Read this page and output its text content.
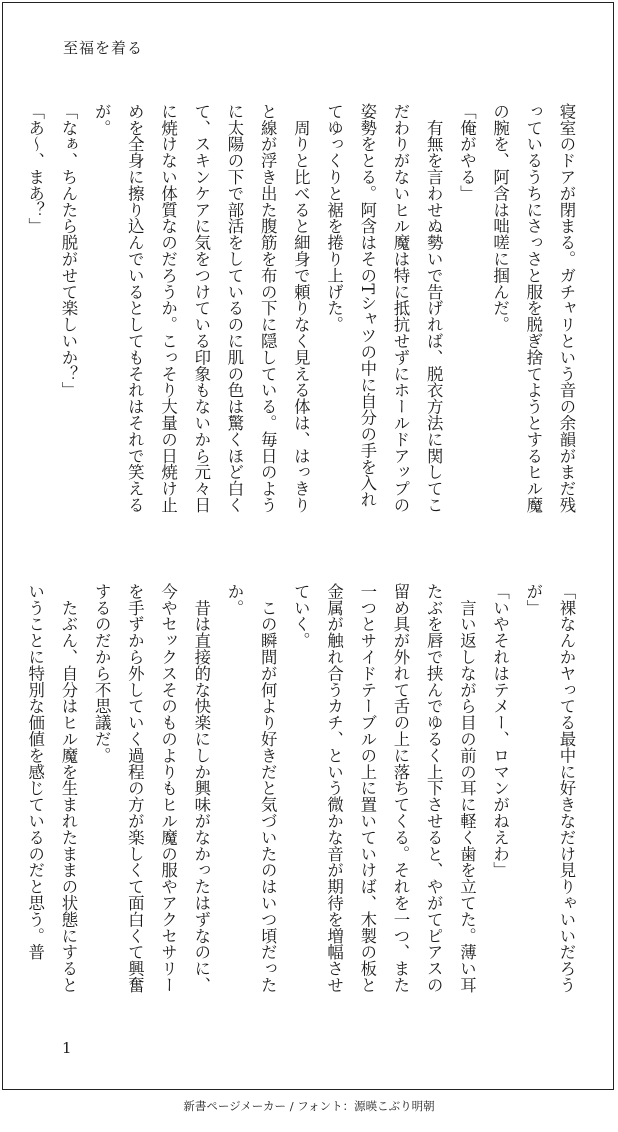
至福を着る

寝室のドアが閉まる。ガチャリという音の余韻がまだ残っているうちにさっさと服を脱ぎ捨てようとするヒル魔の腕を、阿含は咄嗟に掴んだ。

「俺がやる」

　有無を言わせぬ勢いで告げれば、脱衣方法に関してこだわりがないヒル魔は特に抵抗せずにホールドアップの姿勢をとる。阿含はそのTシャツの中に自分の手を入れてゆっくりと裾を捲り上げた。

　周りと比べると細身で頼りなく見える体は、はっきりと線が浮き出た腹筋を布の下に隠している。毎日のように太陽の下で部活をしているのに肌の色は驚くほど白くて、スキンケアに気をつけている印象もないから元々日に焼けない体質なのだろうか。こっそり大量の日焼け止めを全身に擦り込んでいるとしてもそれはそれで笑えるが。

「なぁ、ちんたら脱がせて楽しいか？」

「あ〜、まあ？」

「裸なんかヤってる最中に好きなだけ見りゃいいだろうが」

「いやそれはテメー、ロマンがねえわ」

　言い返しながら目の前の耳に軽く歯を立てた。薄い耳たぶを唇で挟んでゆるく上下させると、やがてピアスの留め具が外れて舌の上に落ちてくる。それを一つ、また一つとサイドテーブルの上に置いていけば、木製の板と金属が触れ合うカチ、という微かな音が期待を増幅させていく。

　この瞬間が何より好きだと気づいたのはいつ頃だったか。

　昔は直接的な快楽にしか興味がなかったはずなのに、今やセックスそのものよりもヒル魔の服やアクセサリーを手ずから外していく過程の方が楽しくて面白くて興奮するのだから不思議だ。

　たぶん、自分はヒル魔を生まれたままの状態にするということに特別な価値を感じているのだと思う。普

1
新書ページメーカー / フォント：源暎こぶり明朝
